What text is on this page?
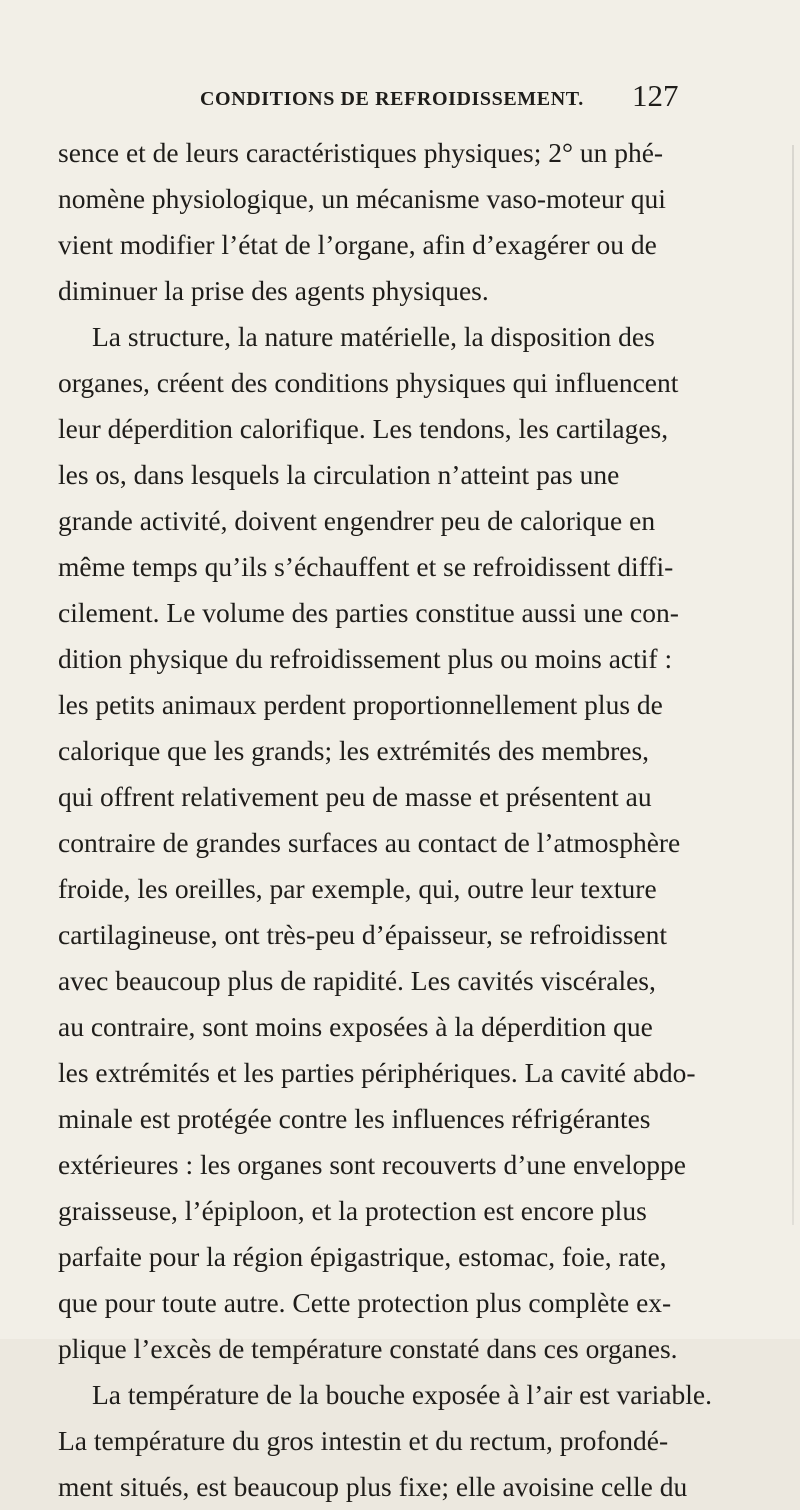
CONDITIONS DE REFROIDISSEMENT. 127
sence et de leurs caractéristiques physiques; 2° un phé-
nomène physiologique, un mécanisme vaso-moteur qui
vient modifier l’état de l’organe, afin d’exagérer ou de
diminuer la prise des agents physiques.
La structure, la nature matérielle, la disposition des
organes, créent des conditions physiques qui influencent
leur déperdition calorifique. Les tendons, les cartilages,
les os, dans lesquels la circulation n’atteint pas une
grande activité, doivent engendrer peu de calorique en
même temps qu’ils s’échauffent et se refroidissent diffi-
cilement. Le volume des parties constitue aussi une con-
dition physique du refroidissement plus ou moins actif :
les petits animaux perdent proportionnellement plus de
calorique que les grands; les extrémités des membres,
qui offrent relativement peu de masse et présentent au
contraire de grandes surfaces au contact de l’atmosphère
froide, les oreilles, par exemple, qui, outre leur texture
cartilagineuse, ont très-peu d’épaisseur, se refroidissent
avec beaucoup plus de rapidité. Les cavités viscérales,
au contraire, sont moins exposées à la déperdition que
les extrémités et les parties périphériques. La cavité abdo-
minale est protégée contre les influences réfrigérantes
extérieures : les organes sont recouverts d’une enveloppe
graisseuse, l’épiploon, et la protection est encore plus
parfaite pour la région épigastrique, estomac, foie, rate,
que pour toute autre. Cette protection plus complète ex-
plique l’excès de température constaté dans ces organes.
La température de la bouche exposée à l’air est variable.
La température du gros intestin et du rectum, profondé-
ment situés, est beaucoup plus fixe; elle avoisine celle du
